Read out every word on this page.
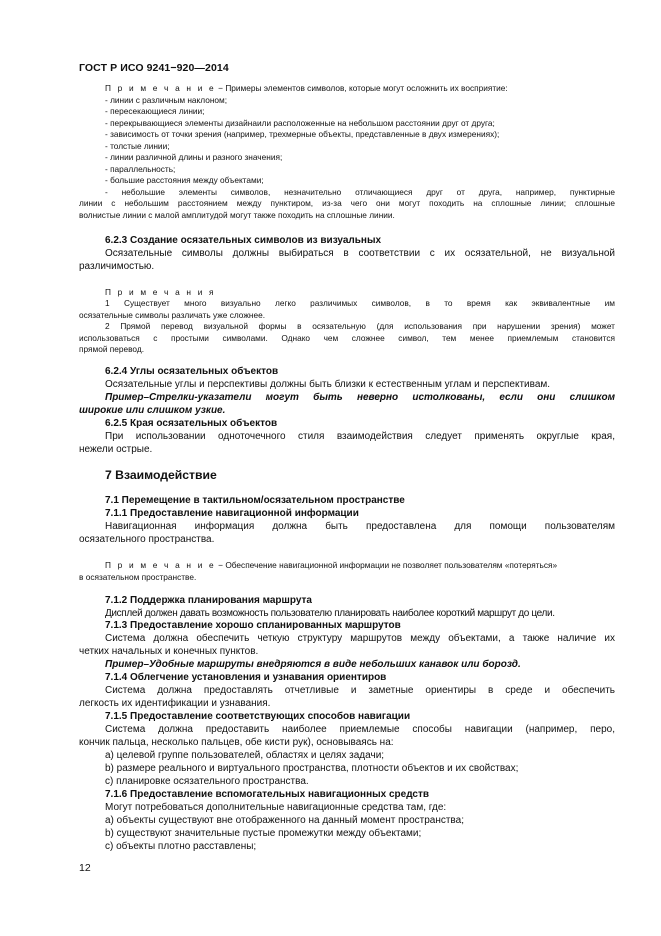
ГОСТ Р ИСО 9241−920—2014
П р и м е ч а н и е − Примеры элементов символов, которые могут осложнить их восприятие:
- линии с различным наклоном;
- пересекающиеся линии;
- перекрывающиеся элементы дизайнаили расположенные на небольшом расстоянии друг от друга;
- зависимость от точки зрения (например, трехмерные объекты, представленные в двух измерениях);
- толстые линии;
- линии различной длины и разного значения;
- параллельность;
- большие расстояния между объектами;
- небольшие элементы символов, незначительно отличающиеся друг от друга, например, пунктирные
линии с небольшим расстоянием между пунктиром, из-за чего они могут походить на сплошные линии; сплошные
волнистые линии с малой амплитудой могут также походить на сплошные линии.
6.2.3 Создание осязательных символов из визуальных
Осязательные символы должны выбираться в соответствии с их осязательной, не визуальной
различимостью.
П р и м е ч а н и я
1 Существует много визуально легко различимых символов, в то время как эквивалентные им
осязательные символы различать уже сложнее.
2 Прямой перевод визуальной формы в осязательную (для использования при нарушении зрения) может
использоваться с простыми символами. Однако чем сложнее символ, тем менее приемлемым становится
прямой перевод.
6.2.4 Углы осязательных объектов
Осязательные углы и перспективы должны быть близки к естественным углам и перспективам.
Пример–Стрелки-указатели могут быть неверно истолкованы, если они слишком
широкие или слишком узкие.
6.2.5 Края осязательных объектов
При использовании одноточечного стиля взаимодействия следует применять округлые края,
нежели острые.
7 Взаимодействие
7.1 Перемещение в тактильном/осязательном пространстве
7.1.1 Предоставление навигационной информации
Навигационная информация должна быть предоставлена для помощи пользователям
осязательного пространства.
П р и м е ч а н и е − Обеспечение навигационной информации не позволяет пользователям «потеряться»
в осязательном пространстве.
7.1.2 Поддержка планирования маршрута
Дисплей должен давать возможность пользователю планировать наиболее короткий маршрут до цели.
7.1.3 Предоставление хорошо спланированных маршрутов
Система должна обеспечить четкую структуру маршрутов между объектами, а также наличие их
четких начальных и конечных пунктов.
Пример–Удобные маршруты внедряются в виде небольших канавок или борозд.
7.1.4 Облегчение установления и узнавания ориентиров
Система должна предоставлять отчетливые и заметные ориентиры в среде и обеспечить
легкость их идентификации и узнавания.
7.1.5 Предоставление соответствующих способов навигации
Система должна предоставить наиболее приемлемые способы навигации (например, перо,
кончик пальца, несколько пальцев, обе кисти рук), основываясь на:
a) целевой группе пользователей, областях и целях задачи;
b) размере реального и виртуального пространства, плотности объектов и их свойствах;
c) планировке осязательного пространства.
7.1.6 Предоставление вспомогательных навигационных средств
Могут потребоваться дополнительные навигационные средства там, где:
a) объекты существуют вне отображенного на данный момент пространства;
b) существуют значительные пустые промежутки между объектами;
c) объекты плотно расставлены;
12
